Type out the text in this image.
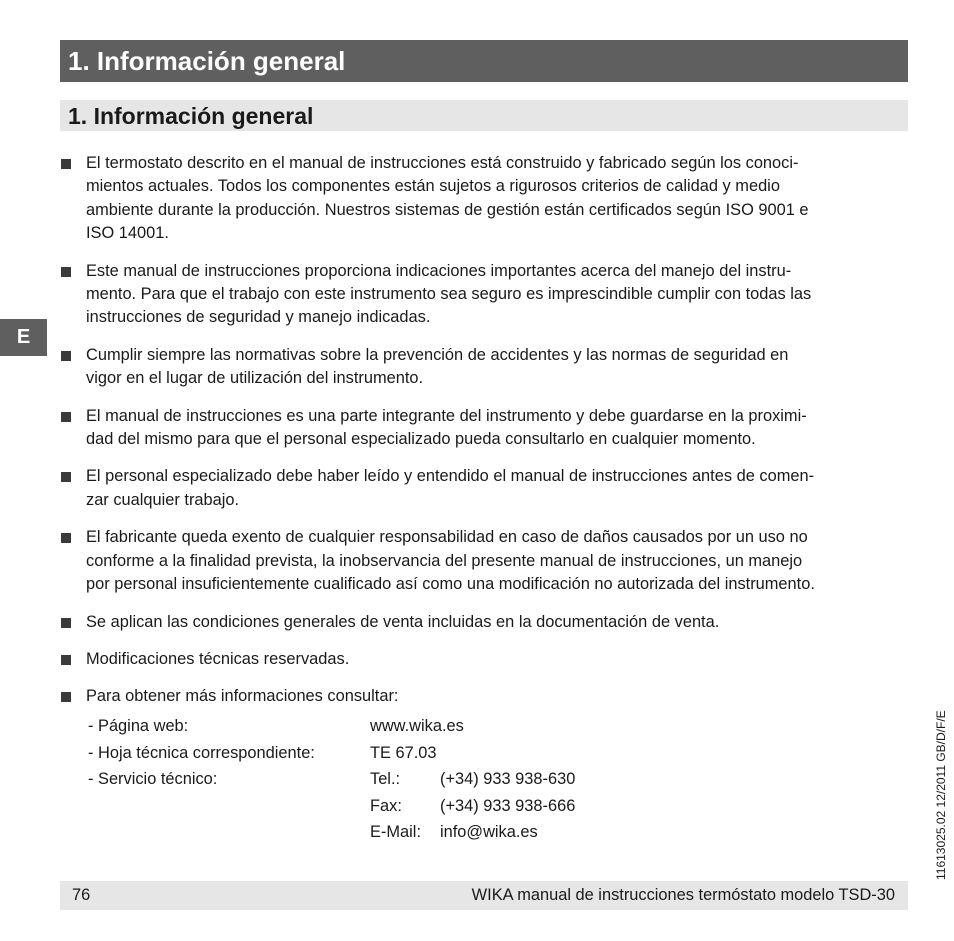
1. Información general
1. Información general
E
El termostato descrito en el manual de instrucciones está construido y fabricado según los conoci-
mientos actuales. Todos los componentes están sujetos a rigurosos criterios de calidad y medio
ambiente durante la producción. Nuestros sistemas de gestión están certificados según ISO 9001 e
ISO 14001.
Este manual de instrucciones proporciona indicaciones importantes acerca del manejo del instru-
mento. Para que el trabajo con este instrumento sea seguro es imprescindible cumplir con todas las
instrucciones de seguridad y manejo indicadas.
Cumplir siempre las normativas sobre la prevención de accidentes y las normas de seguridad en
vigor en el lugar de utilización del instrumento.
El manual de instrucciones es una parte integrante del instrumento y debe guardarse en la proximi-
dad del mismo para que el personal especializado pueda consultarlo en cualquier momento.
El personal especializado debe haber leído y entendido el manual de instrucciones antes de comen-
zar cualquier trabajo.
El fabricante queda exento de cualquier responsabilidad en caso de daños causados por un uso no
conforme a la finalidad prevista, la inobservancia del presente manual de instrucciones, un manejo
por personal insuficientemente cualificado así como una modificación no autorizada del instrumento.
Se aplican las condiciones generales de venta incluidas en la documentación de venta.
Modificaciones técnicas reservadas.
Para obtener más informaciones consultar:
- Página web:	www.wika.es
- Hoja técnica correspondiente:	TE 67.03
- Servicio técnico:	Tel.: (+34) 933 938-630
Fax: (+34) 933 938-666
E-Mail: info@wika.es
76	WIKA manual de instrucciones termóstato modelo TSD-30
11613025.02 12/2011 GB/D/F/E
